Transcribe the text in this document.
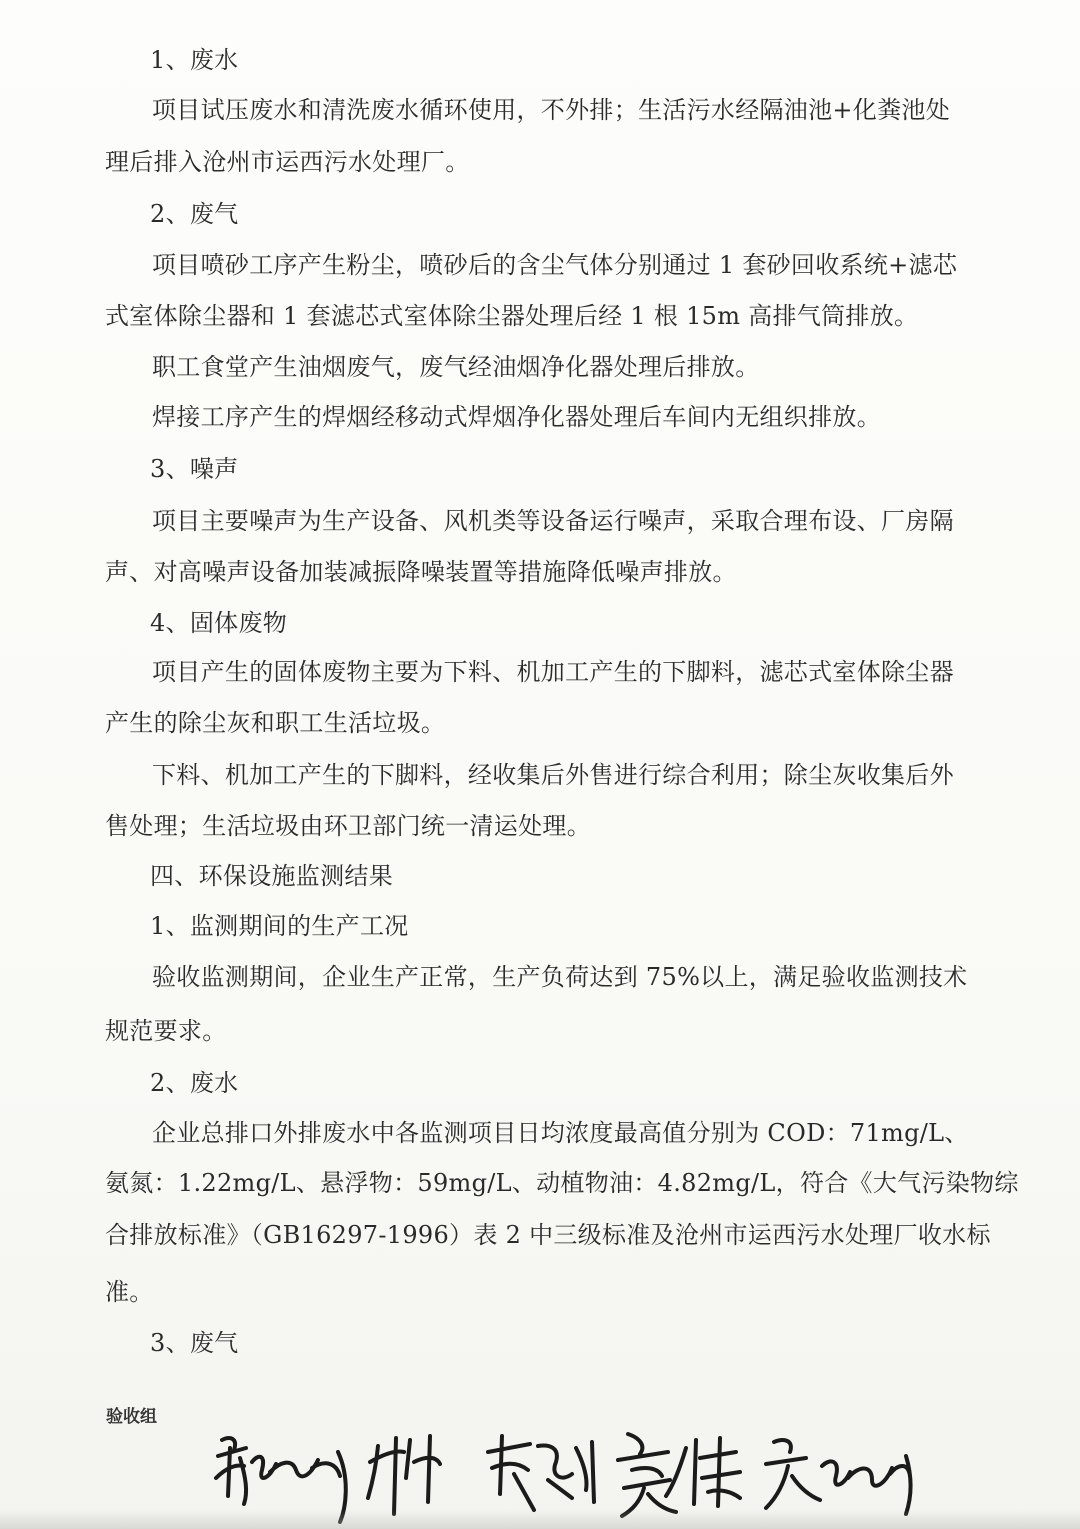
1、废水
项目试压废水和清洗废水循环使用，不外排；生活污水经隔油池+化粪池处
理后排入沧州市运西污水处理厂。
2、废气
项目喷砂工序产生粉尘，喷砂后的含尘气体分别通过 1 套砂回收系统+滤芯
式室体除尘器和 1 套滤芯式室体除尘器处理后经 1 根 15m 高排气筒排放。
职工食堂产生油烟废气，废气经油烟净化器处理后排放。
焊接工序产生的焊烟经移动式焊烟净化器处理后车间内无组织排放。
3、噪声
项目主要噪声为生产设备、风机类等设备运行噪声，采取合理布设、厂房隔
声、对高噪声设备加装减振降噪装置等措施降低噪声排放。
4、固体废物
项目产生的固体废物主要为下料、机加工产生的下脚料，滤芯式室体除尘器
产生的除尘灰和职工生活垃圾。
下料、机加工产生的下脚料，经收集后外售进行综合利用；除尘灰收集后外
售处理；生活垃圾由环卫部门统一清运处理。
四、环保设施监测结果
1、监测期间的生产工况
验收监测期间，企业生产正常，生产负荷达到 75%以上，满足验收监测技术
规范要求。
2、废水
企业总排口外排废水中各监测项目日均浓度最高值分别为 COD：71mg/L、
氨氮：1.22mg/L、悬浮物：59mg/L、动植物油：4.82mg/L，符合《大气污染物综
合排放标准》（GB16297-1996）表 2 中三级标准及沧州市运西污水处理厂收水标
准。
3、废气
验收组
